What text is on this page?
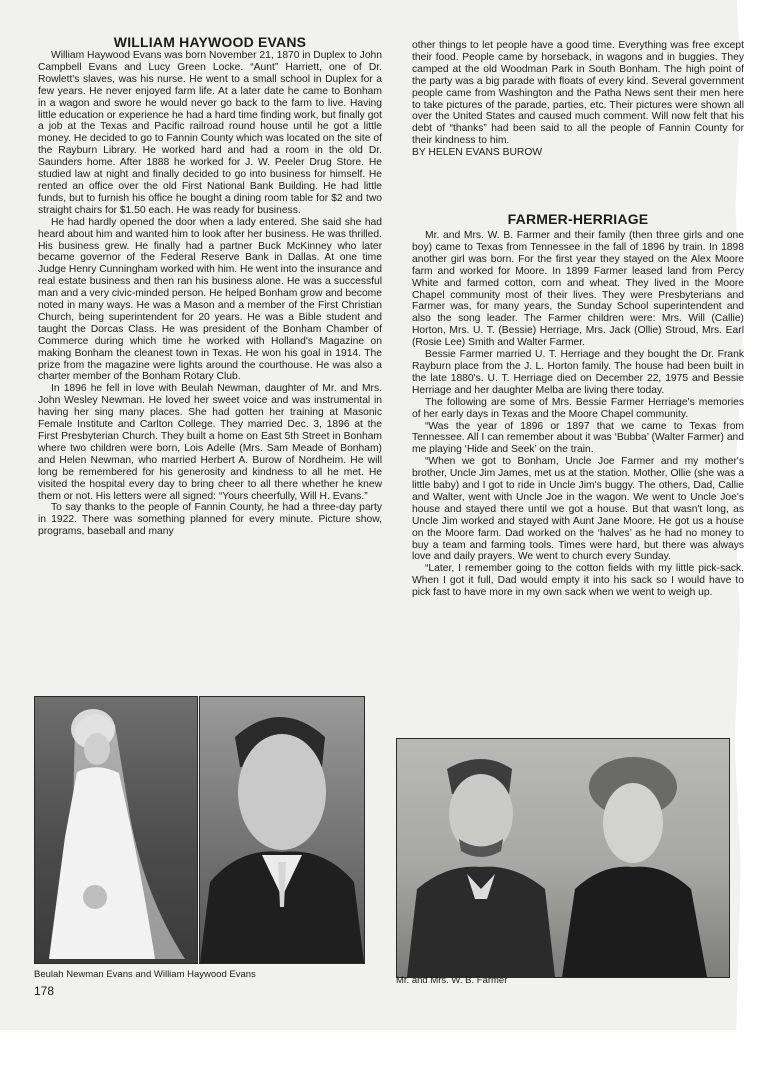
WILLIAM HAYWOOD EVANS

William Haywood Evans was born November 21, 1870 in Duplex to John Campbell Evans and Lucy Green Locke. “Aunt” Harriett, one of Dr. Rowlett's slaves, was his nurse. He went to a small school in Duplex for a few years. He never enjoyed farm life. At a later date he came to Bonham in a wagon and swore he would never go back to the farm to live. Having little education or experience he had a hard time finding work, but finally got a job at the Texas and Pacific railroad round house until he got a little money. He decided to go to Fannin County which was located on the site of the Rayburn Library. He worked hard and had a room in the old Dr. Saunders home. After 1888 he worked for J. W. Peeler Drug Store. He studied law at night and finally decided to go into business for himself. He rented an office over the old First National Bank Building. He had little funds, but to furnish his office he bought a dining room table for $2 and two straight chairs for $1.50 each. He was ready for business.

He had hardly opened the door when a lady entered. She said she had heard about him and wanted him to look after her business. He was thrilled. His business grew. He finally had a partner Buck McKinney who later became governor of the Federal Reserve Bank in Dallas. At one time Judge Henry Cunningham worked with him. He went into the insurance and real estate business and then ran his business alone. He was a successful man and a very civic-minded person. He helped Bonham grow and become noted in many ways. He was a Mason and a member of the First Christian Church, being superintendent for 20 years. He was a Bible student and taught the Dorcas Class. He was president of the Bonham Chamber of Commerce during which time he worked with Holland's Magazine on making Bonham the cleanest town in Texas. He won his goal in 1914. The prize from the magazine were lights around the courthouse. He was also a charter member of the Bonham Rotary Club.

In 1896 he fell in love with Beulah Newman, daughter of Mr. and Mrs. John Wesley Newman. He loved her sweet voice and was instrumental in having her sing many places. She had gotten her training at Masonic Female Institute and Carlton College. They married Dec. 3, 1896 at the First Presbyterian Church. They built a home on East 5th Street in Bonham where two children were born, Lois Adelle (Mrs. Sam Meade of Bonham) and Helen Newman, who married Herbert A. Burow of Nordheim. He will long be remembered for his generosity and kindness to all he met. He visited the hospital every day to bring cheer to all there whether he knew them or not. His letters were all signed: “Yours cheerfully, Will H. Evans.”

To say thanks to the people of Fannin County, he had a three-day party in 1922. There was something planned for every minute. Picture show, programs, baseball and many

other things to let people have a good time. Everything was free except their food. People came by horseback, in wagons and in buggies. They camped at the old Woodman Park in South Bonham. The high point of the party was a big parade with floats of every kind. Several government people came from Washington and the Patha News sent their men here to take pictures of the parade, parties, etc. Their pictures were shown all over the United States and caused much comment. Will now felt that his debt of “thanks” had been said to all the people of Fannin County for their kindness to him.

BY HELEN EVANS BUROW

FARMER-HERRIAGE

Mr. and Mrs. W. B. Farmer and their family (then three girls and one boy) came to Texas from Tennessee in the fall of 1896 by train. In 1898 another girl was born. For the first year they stayed on the Alex Moore farm and worked for Moore. In 1899 Farmer leased land from Percy White and farmed cotton, corn and wheat. They lived in the Moore Chapel community most of their lives. They were Presbyterians and Farmer was, for many years, the Sunday School superintendent and also the song leader. The Farmer children were: Mrs. Will (Callie) Horton, Mrs. U. T. (Bessie) Herriage, Mrs. Jack (Ollie) Stroud, Mrs. Earl (Rosie Lee) Smith and Walter Farmer.

Bessie Farmer married U. T. Herriage and they bought the Dr. Frank Rayburn place from the J. L. Horton family. The house had been built in the late 1880's. U. T. Herriage died on December 22, 1975 and Bessie Herriage and her daughter Melba are living there today.

The following are some of Mrs. Bessie Farmer Herriage's memories of her early days in Texas and the Moore Chapel community.

“Was the year of 1896 or 1897 that we came to Texas from Tennessee. All I can remember about it was ‘Bubba’ (Walter Farmer) and me playing ‘Hide and Seek’ on the train.

“When we got to Bonham, Uncle Joe Farmer and my mother's brother, Uncle Jim James, met us at the station. Mother, Ollie (she was a little baby) and I got to ride in Uncle Jim's buggy. The others, Dad, Callie and Walter, went with Uncle Joe in the wagon. We went to Uncle Joe's house and stayed there until we got a house. But that wasn't long, as Uncle Jim worked and stayed with Aunt Jane Moore. He got us a house on the Moore farm. Dad worked on the ‘halves’ as he had no money to buy a team and farming tools. Times were hard, but there was always love and daily prayers. We went to church every Sunday.

“Later, I remember going to the cotton fields with my little pick-sack. When I got it full, Dad would empty it into his sack so I would have to pick fast to have more in my own sack when we went to weigh up.

Beulah Newman Evans and William Haywood Evans
Mr. and Mrs. W. B. Farmer
178
